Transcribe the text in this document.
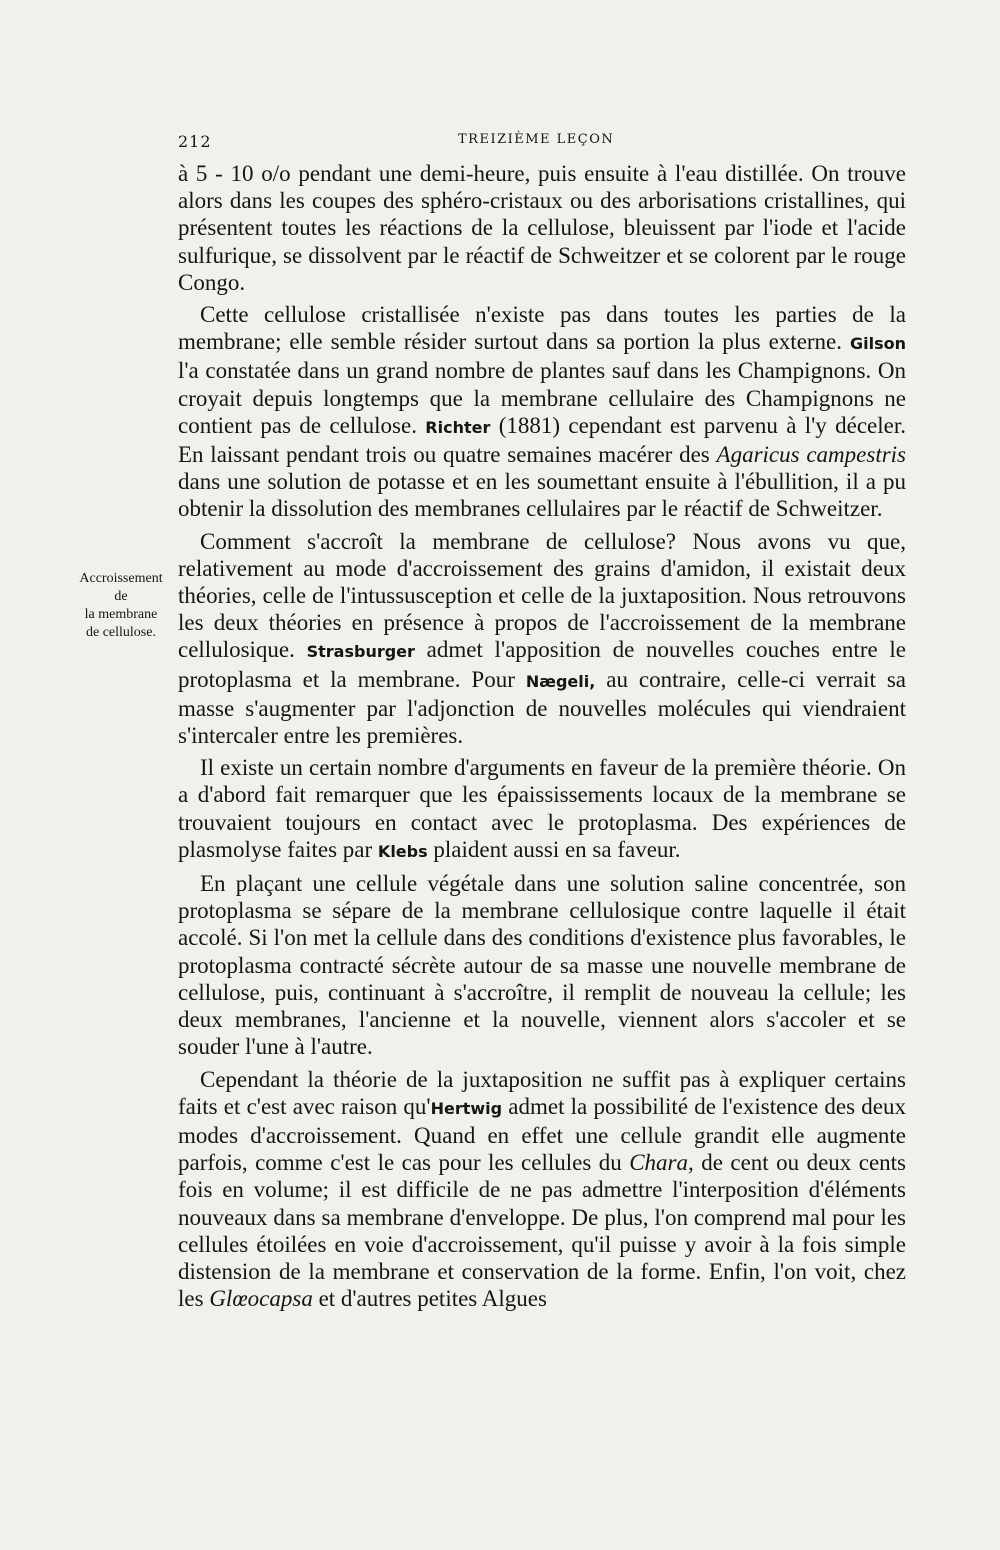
212	TREIZIÈME LEÇON
Accroissement
de
la membrane
de cellulose.

à 5 - 10 o/o pendant une demi-heure, puis ensuite à l'eau distillée. On trouve alors dans les coupes des sphéro-cristaux ou des arborisations cristallines, qui présentent toutes les réactions de la cellulose, bleuissent par l'iode et l'acide sulfurique, se dissolvent par le réactif de Schweitzer et se colorent par le rouge Congo.

Cette cellulose cristallisée n'existe pas dans toutes les parties de la membrane; elle semble résider surtout dans sa portion la plus externe. Gilson l'a constatée dans un grand nombre de plantes sauf dans les Champignons. On croyait depuis longtemps que la membrane cellulaire des Champignons ne contient pas de cellulose. Richter (1881) cependant est parvenu à l'y déceler. En laissant pendant trois ou quatre semaines macérer des Agaricus campestris dans une solution de potasse et en les soumettant ensuite à l'ébullition, il a pu obtenir la dissolution des membranes cellulaires par le réactif de Schweitzer.

Comment s'accroît la membrane de cellulose? Nous avons vu que, relativement au mode d'accroissement des grains d'amidon, il existait deux théories, celle de l'intussusception et celle de la juxtaposition. Nous retrouvons les deux théories en présence à propos de l'accroissement de la membrane cellulosique. Strasburger admet l'apposition de nouvelles couches entre le protoplasma et la membrane. Pour Nægeli, au contraire, celle-ci verrait sa masse s'augmenter par l'adjonction de nouvelles molécules qui viendraient s'intercaler entre les premières.

Il existe un certain nombre d'arguments en faveur de la première théorie. On a d'abord fait remarquer que les épaississements locaux de la membrane se trouvaient toujours en contact avec le protoplasma. Des expériences de plasmolyse faites par Klebs plaident aussi en sa faveur.

En plaçant une cellule végétale dans une solution saline concentrée, son protoplasma se sépare de la membrane cellulosique contre laquelle il était accolé. Si l'on met la cellule dans des conditions d'existence plus favorables, le protoplasma contracté sécrète autour de sa masse une nouvelle membrane de cellulose, puis, continuant à s'accroître, il remplit de nouveau la cellule; les deux membranes, l'ancienne et la nouvelle, viennent alors s'accoler et se souder l'une à l'autre.

Cependant la théorie de la juxtaposition ne suffit pas à expliquer certains faits et c'est avec raison qu'Hertwig admet la possibilité de l'existence des deux modes d'accroissement. Quand en effet une cellule grandit elle augmente parfois, comme c'est le cas pour les cellules du Chara, de cent ou deux cents fois en volume; il est difficile de ne pas admettre l'interposition d'éléments nouveaux dans sa membrane d'enveloppe. De plus, l'on comprend mal pour les cellules étoilées en voie d'accroissement, qu'il puisse y avoir à la fois simple distension de la membrane et conservation de la forme. Enfin, l'on voit, chez les Glœocapsa et d'autres petites Algues
